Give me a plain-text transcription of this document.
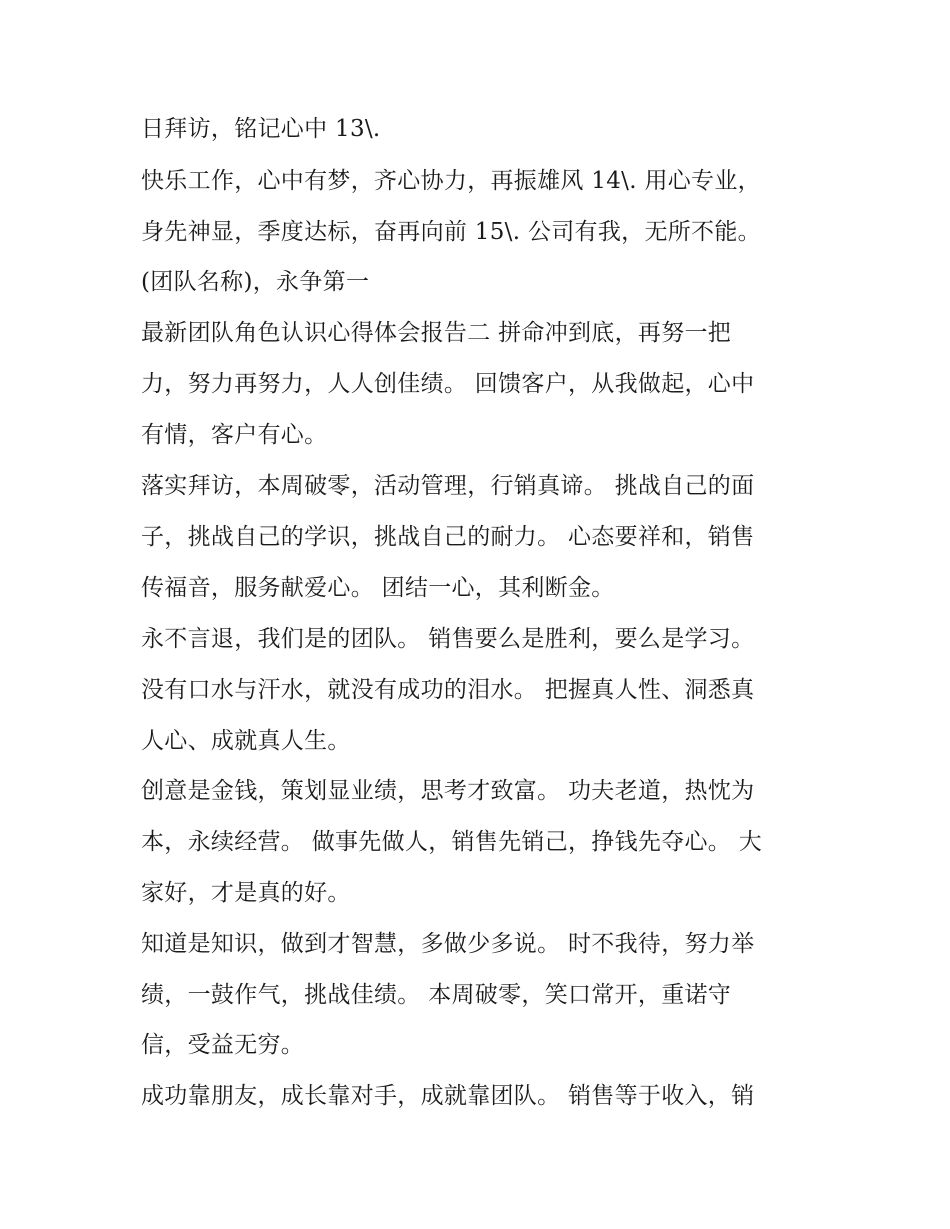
日拜访，铭记心中 13\.
快乐工作，心中有梦，齐心协力，再振雄风 14\. 用心专业，
身先神显，季度达标，奋再向前 15\. 公司有我，无所不能。
(团队名称)，永争第一
最新团队角色认识心得体会报告二 拼命冲到底，再努一把
力，努力再努力，人人创佳绩。 回馈客户，从我做起，心中
有情，客户有心。
落实拜访，本周破零，活动管理，行销真谛。 挑战自己的面
子，挑战自己的学识，挑战自己的耐力。 心态要祥和，销售
传福音，服务献爱心。 团结一心，其利断金。
永不言退，我们是的团队。 销售要么是胜利，要么是学习。
没有口水与汗水，就没有成功的泪水。 把握真人性、洞悉真
人心、成就真人生。
创意是金钱，策划显业绩，思考才致富。 功夫老道，热忱为
本，永续经营。 做事先做人，销售先销己，挣钱先夺心。 大
家好，才是真的好。
知道是知识，做到才智慧，多做少多说。 时不我待，努力举
绩，一鼓作气，挑战佳绩。 本周破零，笑口常开，重诺守
信，受益无穷。
成功靠朋友，成长靠对手，成就靠团队。 销售等于收入，销
